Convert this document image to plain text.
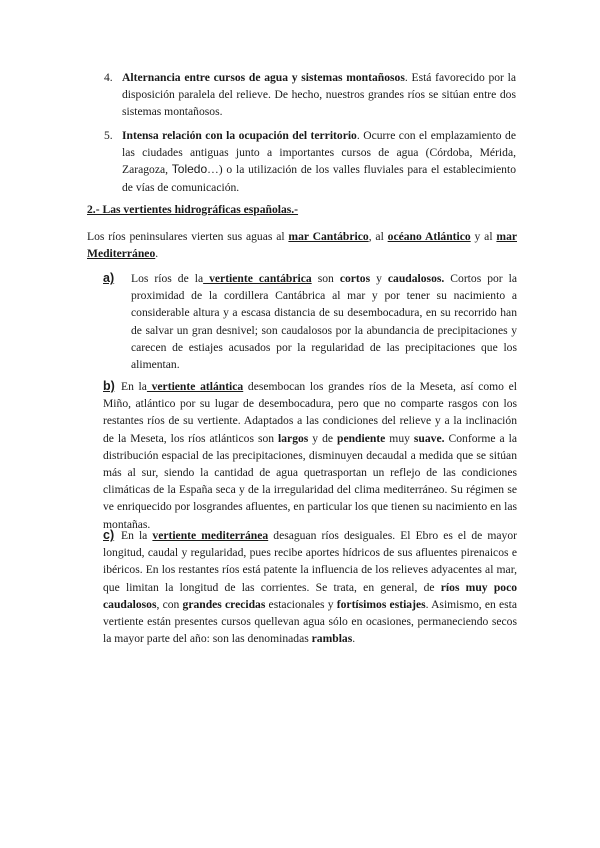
4. Alternancia entre cursos de agua y sistemas montañosos. Está favorecido por la disposición paralela del relieve. De hecho, nuestros grandes ríos se sitúan entre dos sistemas montañosos.
5. Intensa relación con la ocupación del territorio. Ocurre con el emplazamiento de las ciudades antiguas junto a importantes cursos de agua (Córdoba, Mérida, Zaragoza, Toledo…) o la utilización de los valles fluviales para el establecimiento de vías de comunicación.
2.- Las vertientes hidrográficas españolas.-
Los ríos peninsulares vierten sus aguas al mar Cantábrico, al océano Atlántico y al mar Mediterráneo.
a) Los ríos de la vertiente cantábrica son cortos y caudalosos. Cortos por la proximidad de la cordillera Cantábrica al mar y por tener su nacimiento a considerable altura y a escasa distancia de su desembocadura, en su recorrido han de salvar un gran desnivel; son caudalosos por la abundancia de precipitaciones y carecen de estiajes acusados por la regularidad de las precipitaciones que los alimentan.
b) En la vertiente atlántica desembocan los grandes ríos de la Meseta, así como el Miño, atlántico por su lugar de desembocadura, pero que no comparte rasgos con los restantes ríos de su vertiente. Adaptados a las condiciones del relieve y a la inclinación de la Meseta, los ríos atlánticos son largos y de pendiente muy suave. Conforme a la distribución espacial de las precipitaciones, disminuyen decaudal a medida que se sitúan más al sur, siendo la cantidad de agua quetrasportan un reflejo de las condiciones climáticas de la España seca y de la irregularidad del clima mediterráneo. Su régimen se ve enriquecido por losgrandes afluentes, en particular los que tienen su nacimiento en las montañas.
c) En la vertiente mediterránea desaguan ríos desiguales. El Ebro es el de mayor longitud, caudal y regularidad, pues recibe aportes hídricos de sus afluentes pirenaicos e ibéricos. En los restantes ríos está patente la influencia de los relieves adyacentes al mar, que limitan la longitud de las corrientes. Se trata, en general, de ríos muy poco caudalosos, con grandes crecidas estacionales y fortísimos estiajes. Asimismo, en esta vertiente están presentes cursos quellevan agua sólo en ocasiones, permaneciendo secos la mayor parte del año: son las denominadas ramblas.
